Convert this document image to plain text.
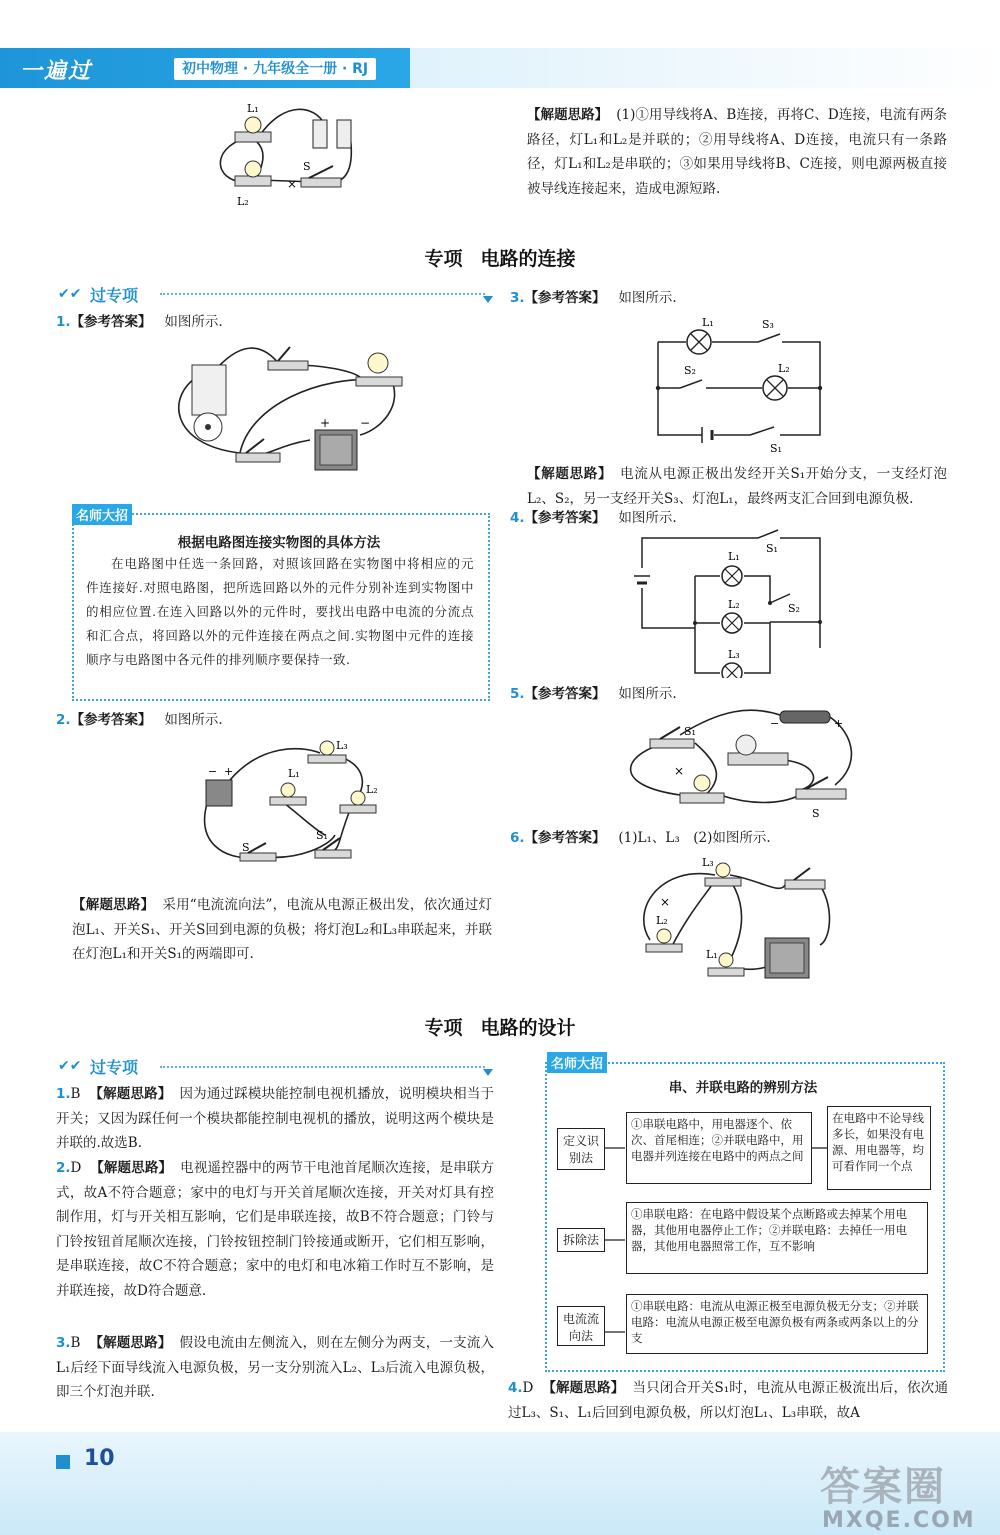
一遍过	初中物理 · 九年级全一册 · RJ
×
L₁
L₂
S
【解题思路】 (1)①用导线将A、B连接，再将C、D连接，电流有两条路径，灯L₁和L₂是并联的；②用导线将A、D连接，电流只有一条路径，灯L₁和L₂是串联的；③如果用导线将B、C连接，则电源两极直接被导线连接起来，造成电源短路.
专项 电路的连接
✔✔ 过专项
1.【参考答案】 如图所示.
+ −
名师大招
根据电路图连接实物图的具体方法
在电路图中任选一条回路，对照该回路在实物图中将相应的元件连接好.对照电路图，把所选回路以外的元件分别补连到实物图中的相应位置.在连入回路以外的元件时，要找出电路中电流的分流点和汇合点，将回路以外的元件连接在两点之间.实物图中元件的连接顺序与电路图中各元件的排列顺序要保持一致.
2.【参考答案】 如图所示.
− +
L₃
L₁
L₂
S₁
S
【解题思路】 采用“电流流向法”，电流从电源正极出发，依次通过灯泡L₁、开关S₁、开关S回到电源的负极；将灯泡L₂和L₃串联起来，并联在灯泡L₁和开关S₁的两端即可.
3.【参考答案】 如图所示.
L₁	S₃
S₂	L₂
S₁
【解题思路】 电流从电源正极出发经开关S₁开始分支，一支经灯泡L₂、S₂，另一支经开关S₃、灯泡L₁，最终两支汇合回到电源负极.
4.【参考答案】 如图所示.
L₁
S₁
L₂	S₂
L₃
5.【参考答案】 如图所示.
×
S₁
S
−	+
6.【参考答案】 (1)L₁、L₃　(2)如图所示.
×
L₃
L₂
L₁
专项 电路的设计
✔✔ 过专项
1.B 【解题思路】 因为通过踩模块能控制电视机播放，说明模块相当于开关；又因为踩任何一个模块都能控制电视机的播放，说明这两个模块是并联的.故选B.
2.D 【解题思路】 电视遥控器中的两节干电池首尾顺次连接，是串联方式，故A不符合题意；家中的电灯与开关首尾顺次连接，开关对灯具有控制作用，灯与开关相互影响，它们是串联连接，故B不符合题意；门铃与门铃按钮首尾顺次连接，门铃按钮控制门铃接通或断开，它们相互影响，是串联连接，故C不符合题意；家中的电灯和电冰箱工作时互不影响，是并联连接，故D符合题意.
3.B 【解题思路】 假设电流由左侧流入，则在左侧分为两支，一支流入L₁后经下面导线流入电源负极，另一支分别流入L₂、L₃后流入电源负极，即三个灯泡并联.
名师大招
串、并联电路的辨别方法
定义识别法
①串联电路中，用电器逐个、依次、首尾相连；②并联电路中，用电器并列连接在电路中的两点之间
在电路中不论导线多长，如果没有电源、用电器等，均可看作同一个点
拆除法
①串联电路：在电路中假设某个点断路或去掉某个用电器，其他用电器停止工作；②并联电路：去掉任一用电器，其他用电器照常工作，互不影响
电流流向法
①串联电路：电流从电源正极至电源负极无分支；②并联电路：电流从电源正极至电源负极有两条或两条以上的分支
4.D 【解题思路】 当只闭合开关S₁时，电流从电源正极流出后，依次通过L₃、S₁、L₁后回到电源负极，所以灯泡L₁、L₃串联，故A
10
答案圈
MXQE.COM
